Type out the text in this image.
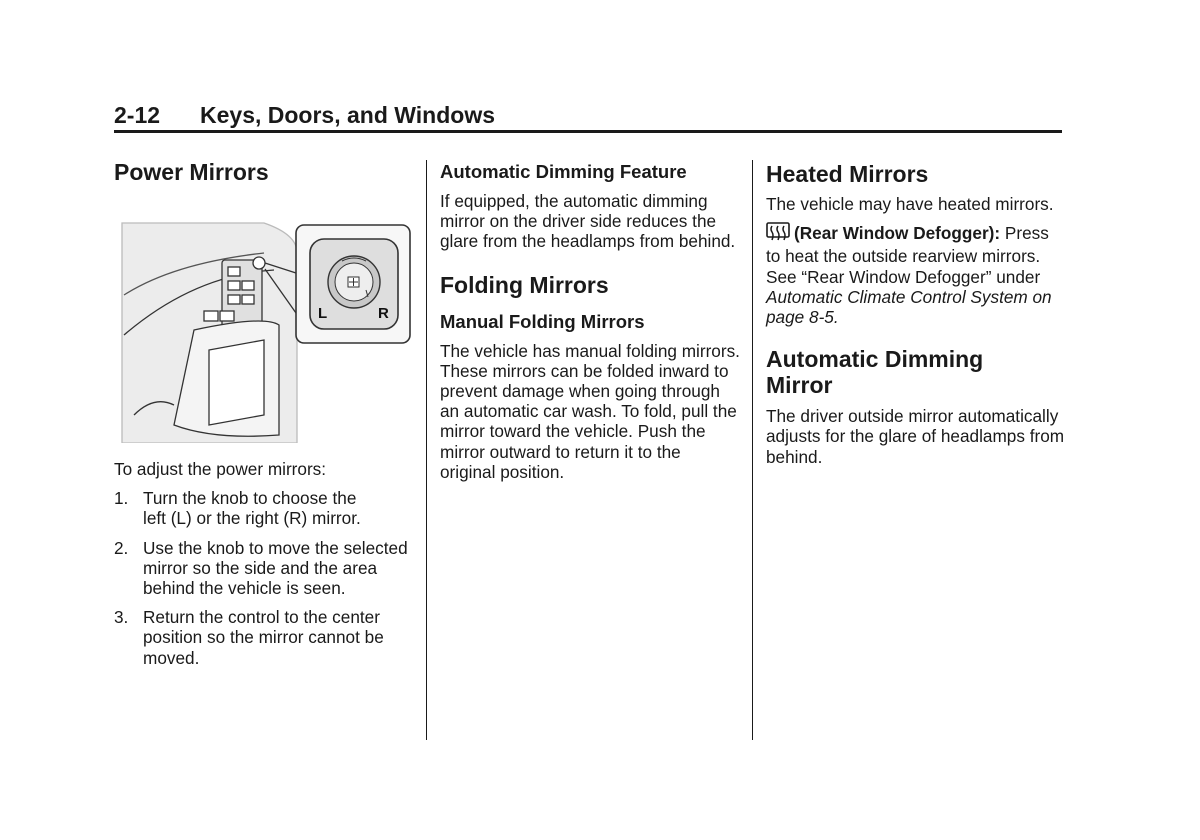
2-12 Keys, Doors, and Windows
Power Mirrors
L	R

To adjust the power mirrors:

1. Turn the knob to choose the
left (L) or the right (R) mirror.
2. Use the knob to move the selected mirror so the side and the area behind the vehicle is seen.
3. Return the control to the center position so the mirror cannot be moved.
Automatic Dimming Feature

If equipped, the automatic dimming mirror on the driver side reduces the glare from the headlamps from behind.

Folding Mirrors
Manual Folding Mirrors

The vehicle has manual folding mirrors. These mirrors can be folded inward to prevent damage when going through an automatic car wash. To fold, pull the mirror toward the vehicle. Push the mirror outward to return it to the original position.

Heated Mirrors

The vehicle may have heated mirrors.

(Rear Window Defogger): Press to heat the outside rearview mirrors. See “Rear Window Defogger” under Automatic Climate Control System on page 8-5.

Automatic Dimming
Mirror

The driver outside mirror automatically adjusts for the glare of headlamps from behind.
